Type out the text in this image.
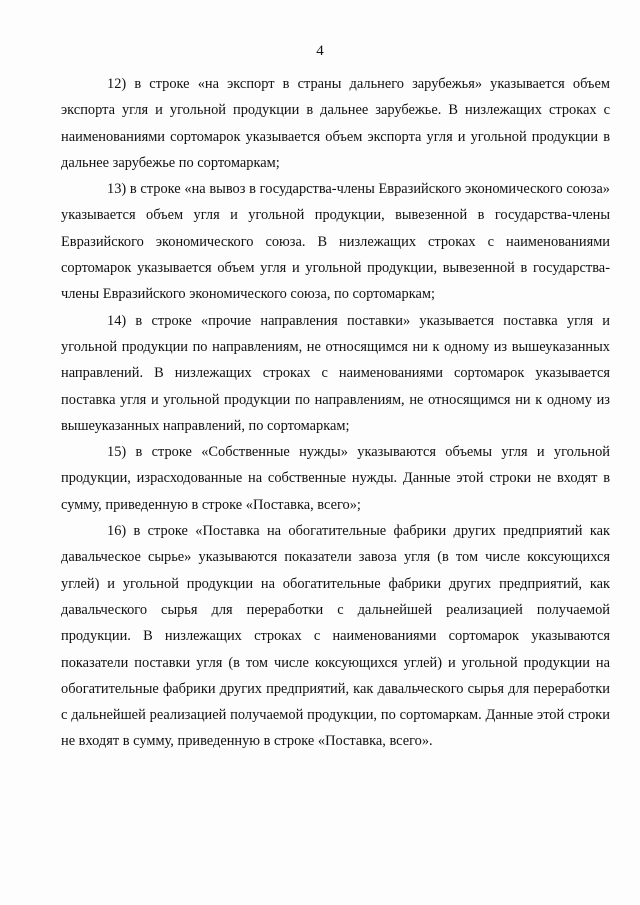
4

12) в строке «на экспорт в страны дальнего зарубежья» указывается объем экспорта угля и угольной продукции в дальнее зарубежье. В низлежащих строках с наименованиями сортомарок указывается объем экспорта угля и угольной продукции в дальнее зарубежье по сортомаркам;

13) в строке «на вывоз в государства-члены Евразийского экономического союза» указывается объем угля и угольной продукции, вывезенной в государства-члены Евразийского экономического союза. В низлежащих строках с наименованиями сортомарок указывается объем угля и угольной продукции, вывезенной в государства-члены Евразийского экономического союза, по сортомаркам;

14) в строке «прочие направления поставки» указывается поставка угля и угольной продукции по направлениям, не относящимся ни к одному из вышеуказанных направлений. В низлежащих строках с наименованиями сортомарок указывается поставка угля и угольной продукции по направлениям, не относящимся ни к одному из вышеуказанных направлений, по сортомаркам;

15) в строке «Собственные нужды» указываются объемы угля и угольной продукции, израсходованные на собственные нужды. Данные этой строки не входят в сумму, приведенную в строке «Поставка, всего»;

16) в строке «Поставка на обогатительные фабрики других предприятий как давальческое сырье» указываются показатели завоза угля (в том числе коксующихся углей) и угольной продукции на обогатительные фабрики других предприятий, как давальческого сырья для переработки с дальнейшей реализацией получаемой продукции. В низлежащих строках с наименованиями сортомарок указываются показатели поставки угля (в том числе коксующихся углей) и угольной продукции на обогатительные фабрики других предприятий, как давальческого сырья для переработки с дальнейшей реализацией получаемой продукции, по сортомаркам. Данные этой строки не входят в сумму, приведенную в строке «Поставка, всего».
